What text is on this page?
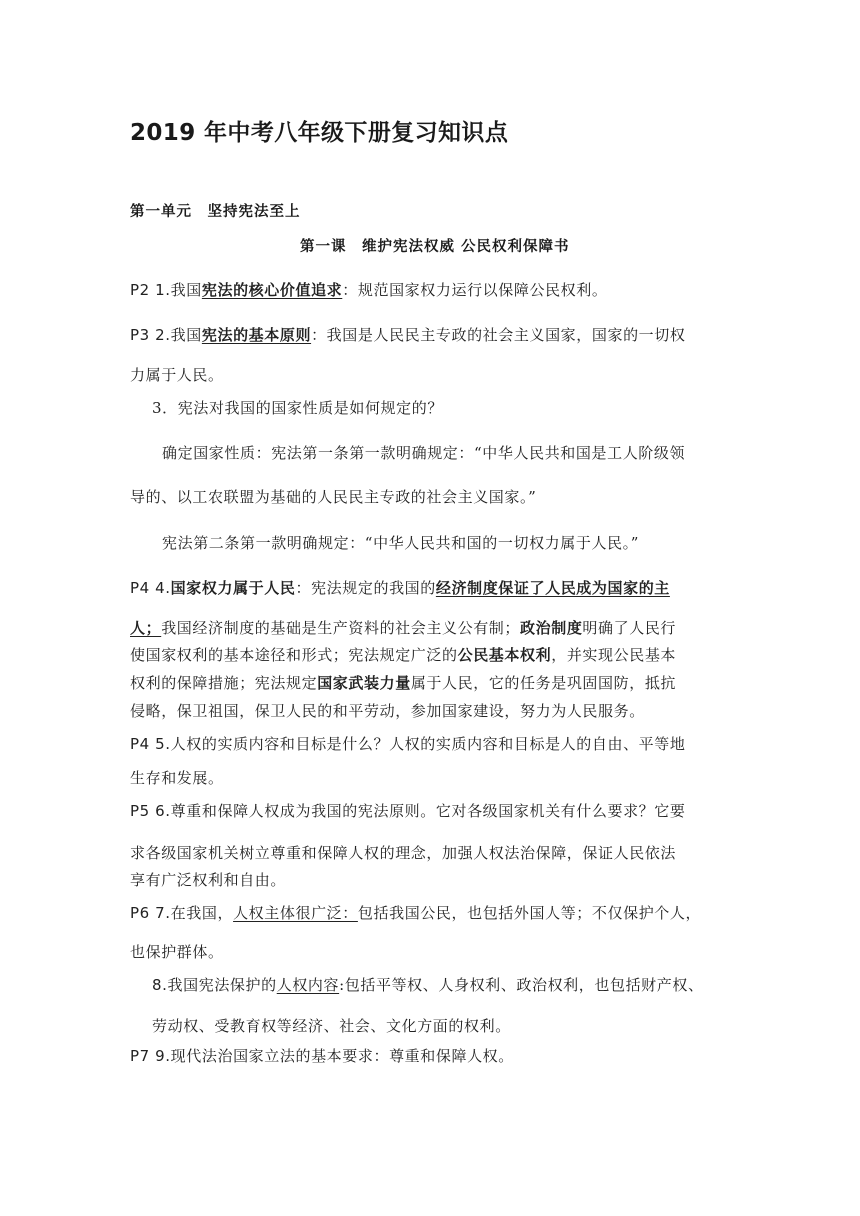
2019 年中考八年级下册复习知识点
第一单元　坚持宪法至上
第一课　维护宪法权威 公民权利保障书
P2 1.我国宪法的核心价值追求：规范国家权力运行以保障公民权利。
P3 2.我国宪法的基本原则：我国是人民民主专政的社会主义国家，国家的一切权
力属于人民。
3．宪法对我国的国家性质是如何规定的？
确定国家性质：宪法第一条第一款明确规定：“中华人民共和国是工人阶级领
导的、以工农联盟为基础的人民民主专政的社会主义国家。”
宪法第二条第一款明确规定：“中华人民共和国的一切权力属于人民。”
P4 4.国家权力属于人民：宪法规定的我国的经济制度保证了人民成为国家的主
人；我国经济制度的基础是生产资料的社会主义公有制；政治制度明确了人民行
使国家权利的基本途径和形式；宪法规定广泛的公民基本权利，并实现公民基本
权利的保障措施；宪法规定国家武装力量属于人民，它的任务是巩固国防，抵抗
侵略，保卫祖国，保卫人民的和平劳动，参加国家建设，努力为人民服务。
P4 5.人权的实质内容和目标是什么？人权的实质内容和目标是人的自由、平等地
生存和发展。
P5 6.尊重和保障人权成为我国的宪法原则。它对各级国家机关有什么要求？它要
求各级国家机关树立尊重和保障人权的理念，加强人权法治保障，保证人民依法
享有广泛权利和自由。
P6 7.在我国，人权主体很广泛：包括我国公民，也包括外国人等；不仅保护个人，
也保护群体。
8.我国宪法保护的人权内容:包括平等权、人身权利、政治权利，也包括财产权、
劳动权、受教育权等经济、社会、文化方面的权利。
P7 9.现代法治国家立法的基本要求：尊重和保障人权。
